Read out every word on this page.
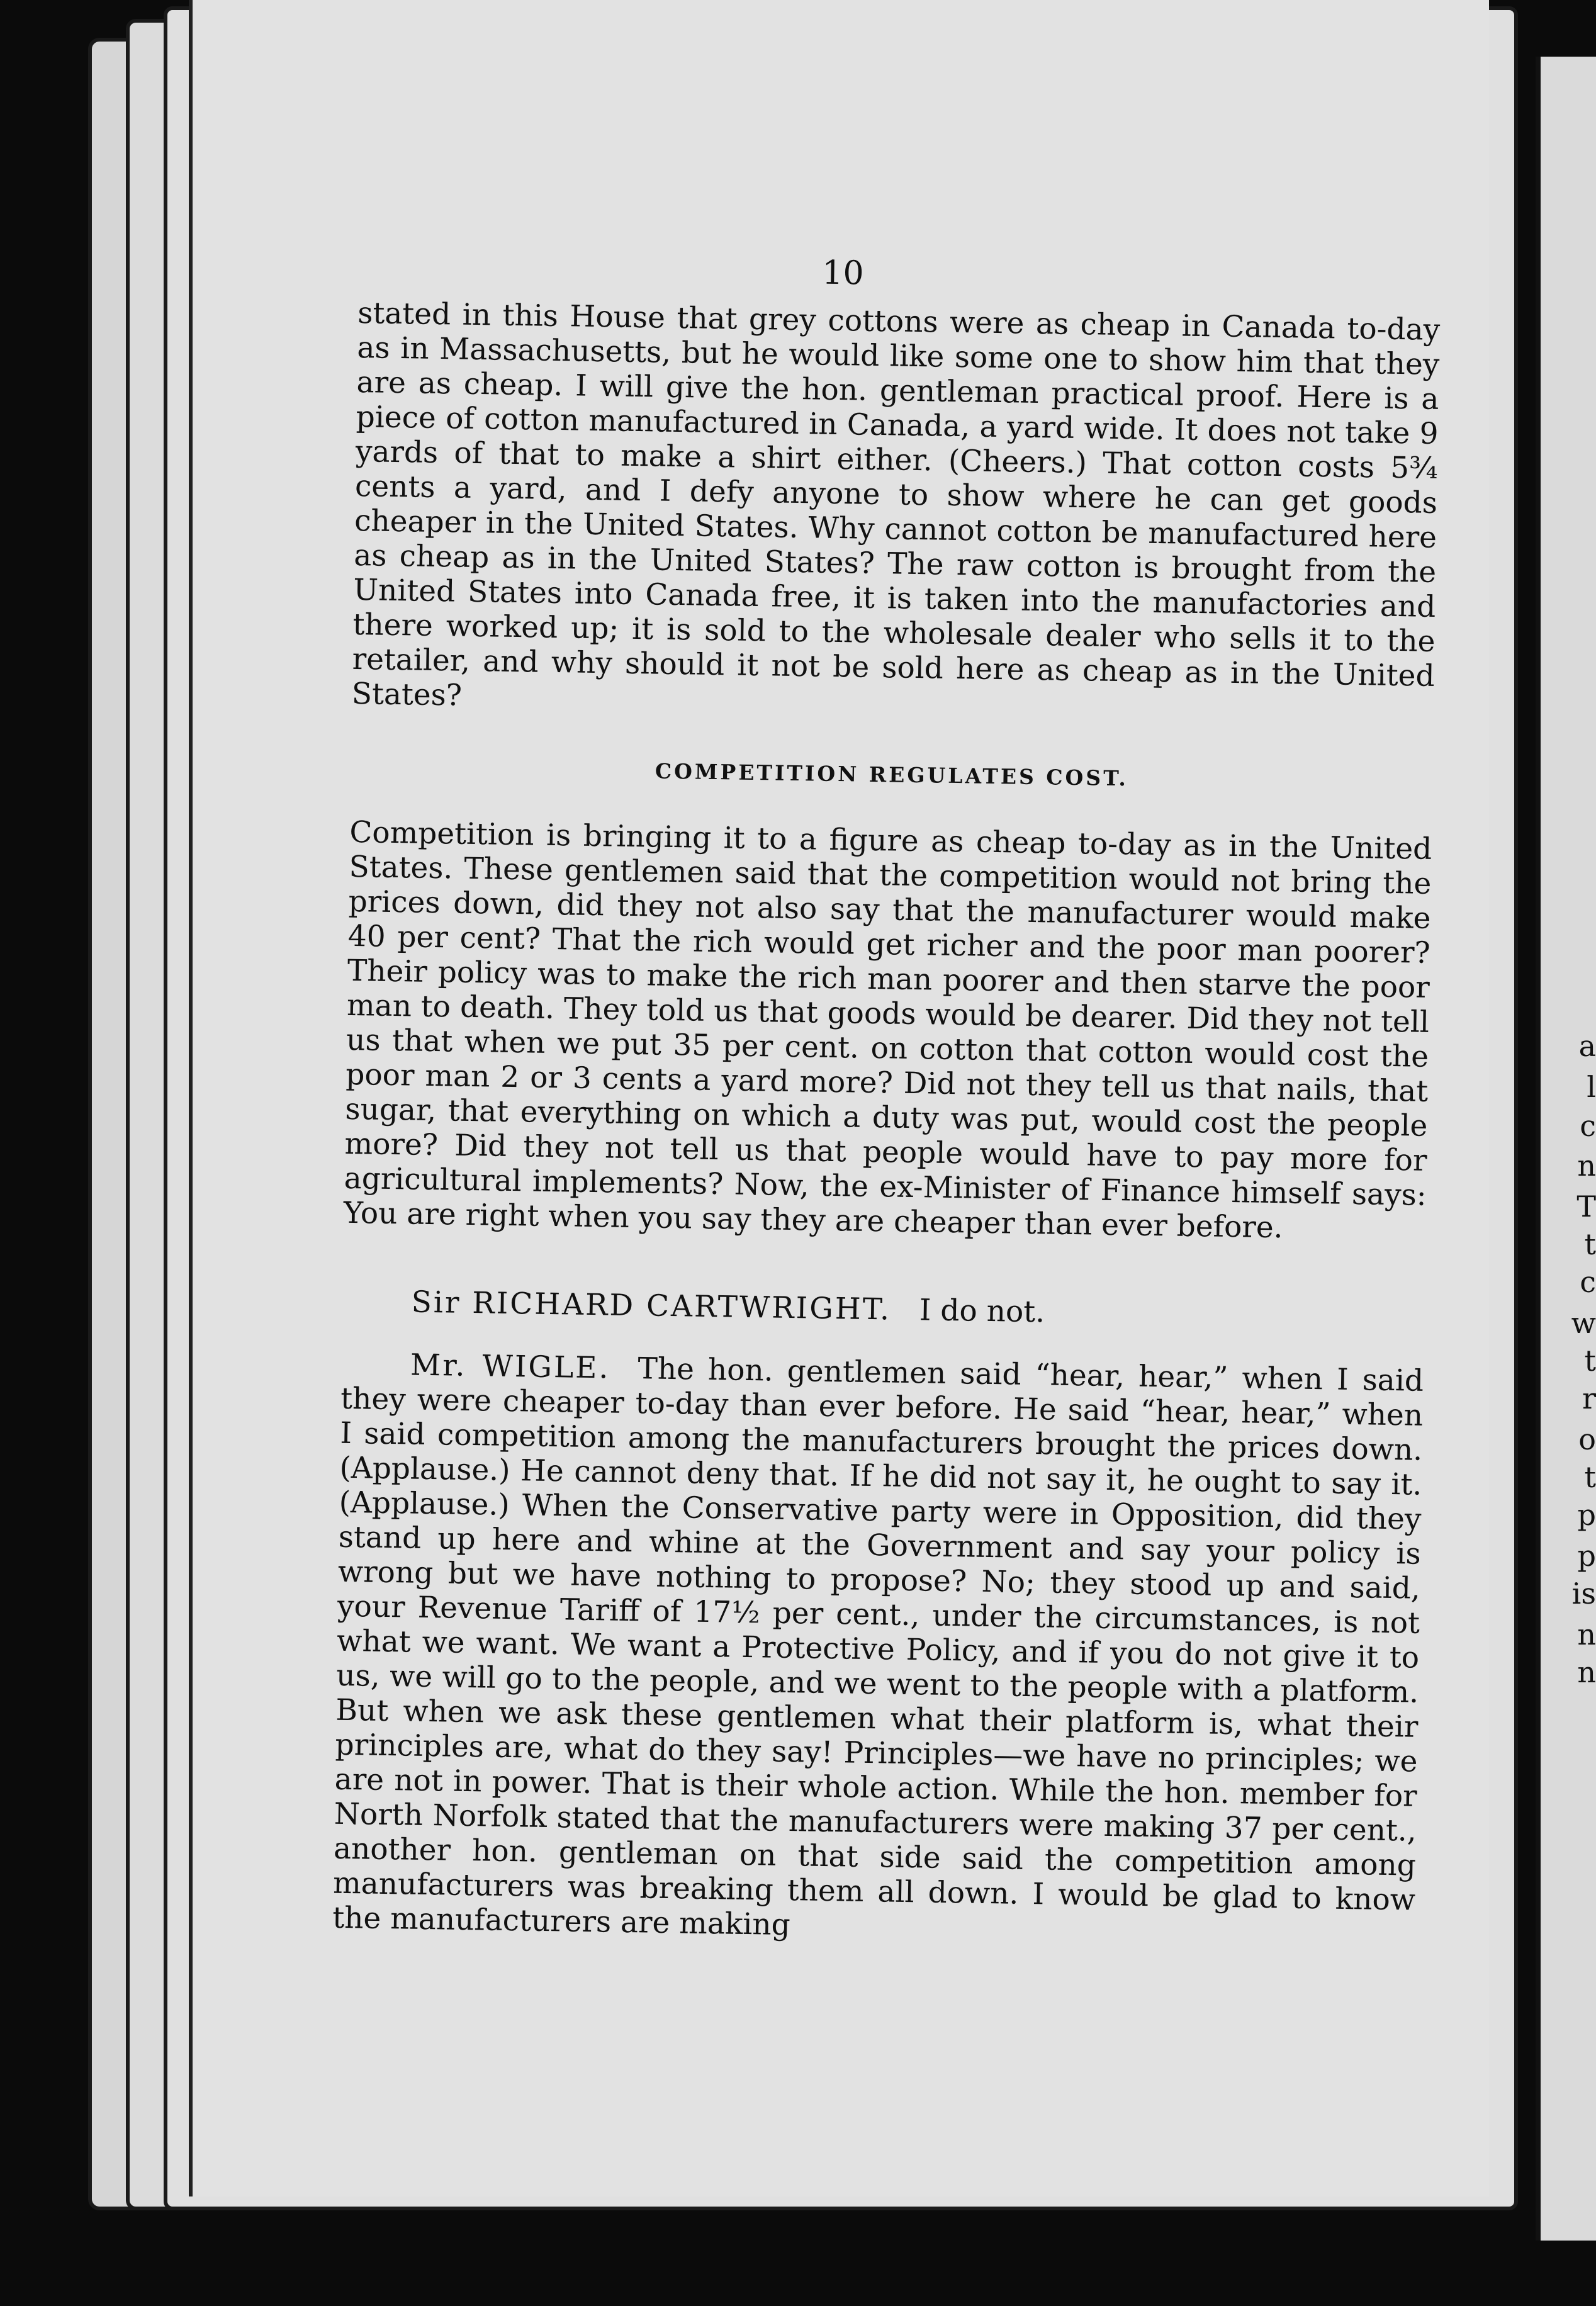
a
l
c
n
T
t
c
w
t
r
o
t
p
p
is
n
n
10

stated in this House that grey cottons were as cheap in Canada to-day as in Massachusetts, but he would like some one to show him that they are as cheap. I will give the hon. gentleman practical proof. Here is a piece of cotton manufactured in Canada, a yard wide. It does not take 9 yards of that to make a shirt either. (Cheers.) That cotton costs 5¾ cents a yard, and I defy anyone to show where he can get goods cheaper in the United States. Why cannot cotton be manufactured here as cheap as in the United States? The raw cotton is brought from the United States into Canada free, it is taken into the manufactories and there worked up; it is sold to the wholesale dealer who sells it to the retailer, and why should it not be sold here as cheap as in the United States?

COMPETITION REGULATES COST.

Competition is bringing it to a figure as cheap to-day as in the United States. These gentlemen said that the competition would not bring the prices down, did they not also say that the manufacturer would make 40 per cent? That the rich would get richer and the poor man poorer? Their policy was to make the rich man poorer and then starve the poor man to death. They told us that goods would be dearer. Did they not tell us that when we put 35 per cent. on cotton that cotton would cost the poor man 2 or 3 cents a yard more? Did not they tell us that nails, that sugar, that everything on which a duty was put, would cost the people more? Did they not tell us that people would have to pay more for agricultural implements? Now, the ex-Minister of Finance himself says: You are right when you say they are cheaper than ever before.

Sir RICHARD CARTWRIGHT. I do not.

Mr. WIGLE. The hon. gentlemen said “hear, hear,” when I said they were cheaper to-day than ever before. He said “hear, hear,” when I said competition among the manufacturers brought the prices down. (Applause.) He cannot deny that. If he did not say it, he ought to say it. (Applause.) When the Conservative party were in Opposition, did they stand up here and whine at the Government and say your policy is wrong but we have nothing to propose? No; they stood up and said, your Revenue Tariff of 17½ per cent., under the circumstances, is not what we want. We want a Protective Policy, and if you do not give it to us, we will go to the people, and we went to the people with a platform. But when we ask these gentlemen what their platform is, what their principles are, what do they say! Principles—we have no principles; we are not in power. That is their whole action. While the hon. member for North Norfolk stated that the manufacturers were making 37 per cent., another hon. gentleman on that side said the competition among manufacturers was breaking them all down. I would be glad to know the manufacturers are making
